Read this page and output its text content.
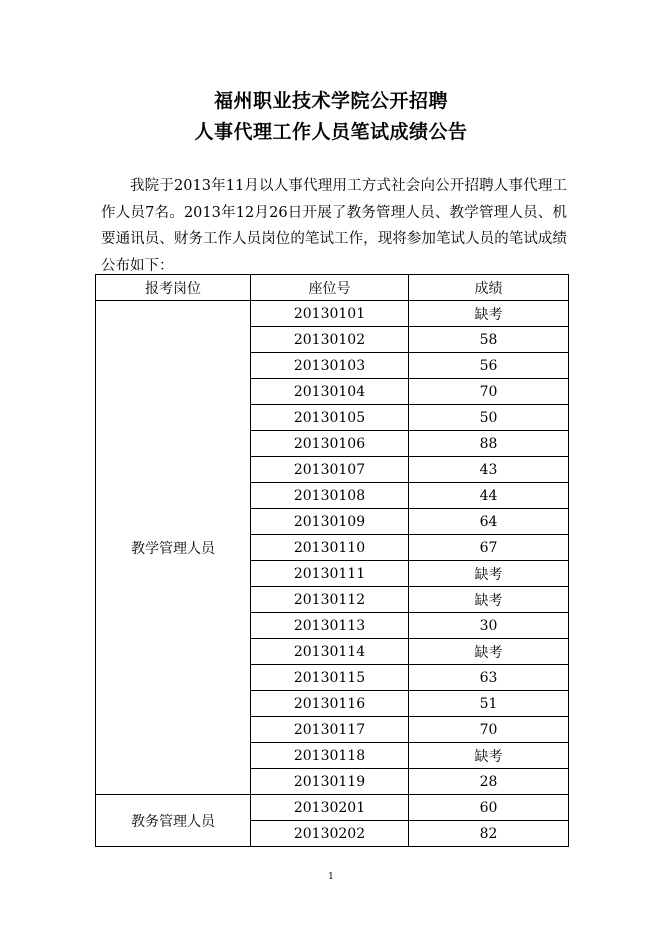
福州职业技术学院公开招聘
人事代理工作人员笔试成绩公告

我院于2013年11月以人事代理用工方式社会向公开招聘人事代理工作人员7名。2013年12月26日开展了教务管理人员、教学管理人员、机要通讯员、财务工作人员岗位的笔试工作，现将参加笔试人员的笔试成绩公布如下：

报考岗位	座位号	成绩
教学管理人员	20130101	缺考
	20130102	58
	20130103	56
	20130104	70
	20130105	50
	20130106	88
	20130107	43
	20130108	44
	20130109	64
	20130110	67
	20130111	缺考
	20130112	缺考
	20130113	30
	20130114	缺考
	20130115	63
	20130116	51
	20130117	70
	20130118	缺考
	20130119	28
教务管理人员	20130201	60
	20130202	82
1
